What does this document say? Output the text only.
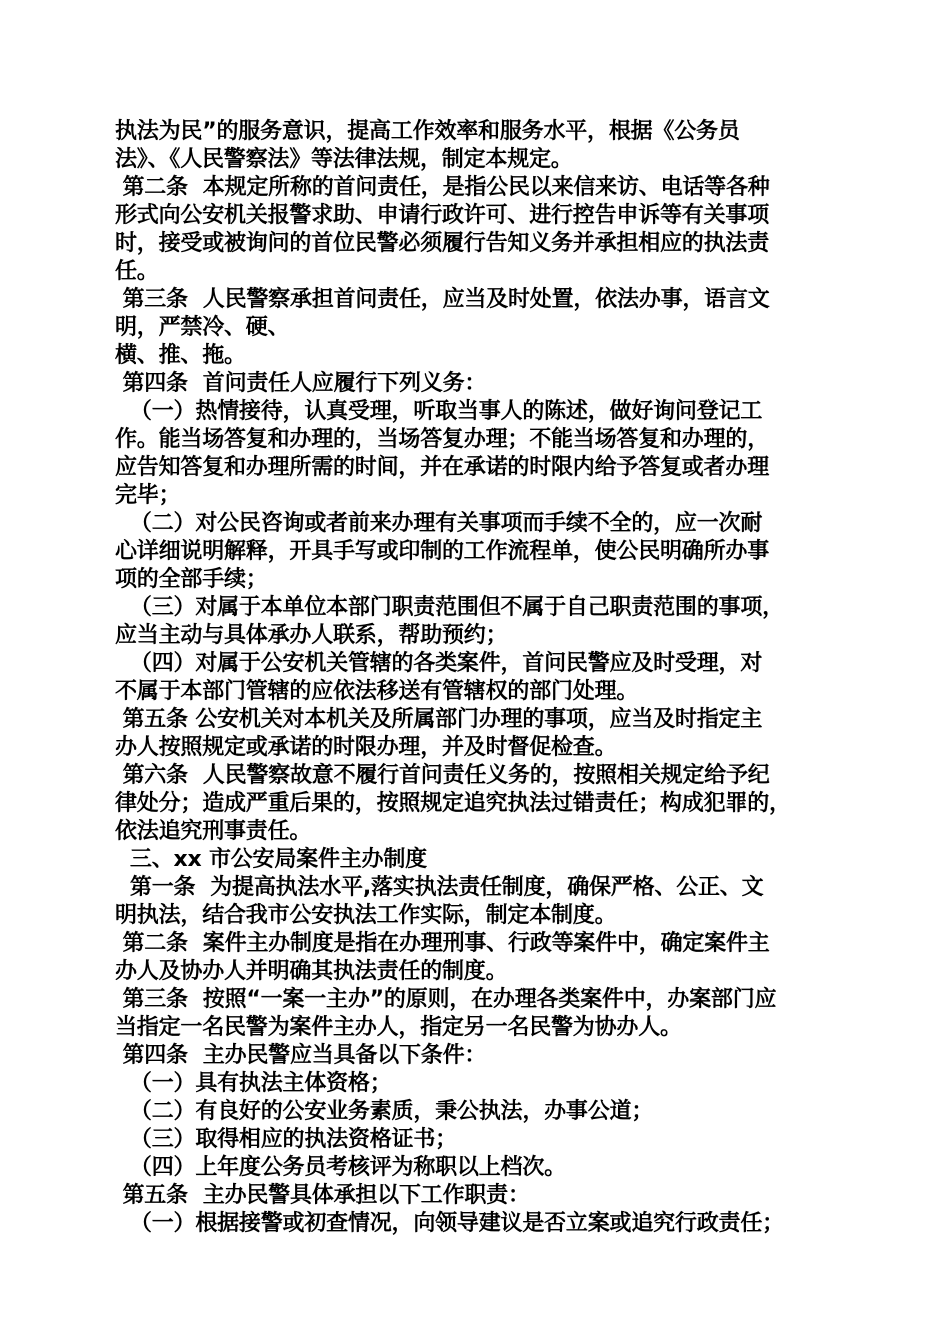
执法为民”的服务意识，提高工作效率和服务水平，根据《公务员
法》、《人民警察法》等法律法规，制定本规定。
第二条  本规定所称的首问责任，是指公民以来信来访、电话等各种
形式向公安机关报警求助、申请行政许可、进行控告申诉等有关事项
时，接受或被询问的首位民警必须履行告知义务并承担相应的执法责
任。
第三条  人民警察承担首问责任，应当及时处置，依法办事，语言文
明，严禁冷、硬、
横、推、拖。
第四条  首问责任人应履行下列义务：
（一）热情接待，认真受理，听取当事人的陈述，做好询问登记工
作。能当场答复和办理的，当场答复办理；不能当场答复和办理的，
应告知答复和办理所需的时间，并在承诺的时限内给予答复或者办理
完毕；
（二）对公民咨询或者前来办理有关事项而手续不全的，应一次耐
心详细说明解释，开具手写或印制的工作流程单，使公民明确所办事
项的全部手续；
（三）对属于本单位本部门职责范围但不属于自己职责范围的事项，
应当主动与具体承办人联系，帮助预约；
（四）对属于公安机关管辖的各类案件，首问民警应及时受理，对
不属于本部门管辖的应依法移送有管辖权的部门处理。
第五条 公安机关对本机关及所属部门办理的事项，应当及时指定主
办人按照规定或承诺的时限办理，并及时督促检查。
第六条  人民警察故意不履行首问责任义务的，按照相关规定给予纪
律处分；造成严重后果的，按照规定追究执法过错责任；构成犯罪的，
依法追究刑事责任。
三、xx 市公安局案件主办制度
第一条  为提高执法水平,落实执法责任制度，确保严格、公正、文
明执法，结合我市公安执法工作实际，制定本制度。
第二条  案件主办制度是指在办理刑事、行政等案件中，确定案件主
办人及协办人并明确其执法责任的制度。
第三条  按照“一案一主办”的原则，在办理各类案件中，办案部门应
当指定一名民警为案件主办人，指定另一名民警为协办人。
第四条  主办民警应当具备以下条件：
（一）具有执法主体资格；
（二）有良好的公安业务素质，秉公执法，办事公道；
（三）取得相应的执法资格证书；
（四）上年度公务员考核评为称职以上档次。
第五条  主办民警具体承担以下工作职责：
（一）根据接警或初查情况，向领导建议是否立案或追究行政责任；
